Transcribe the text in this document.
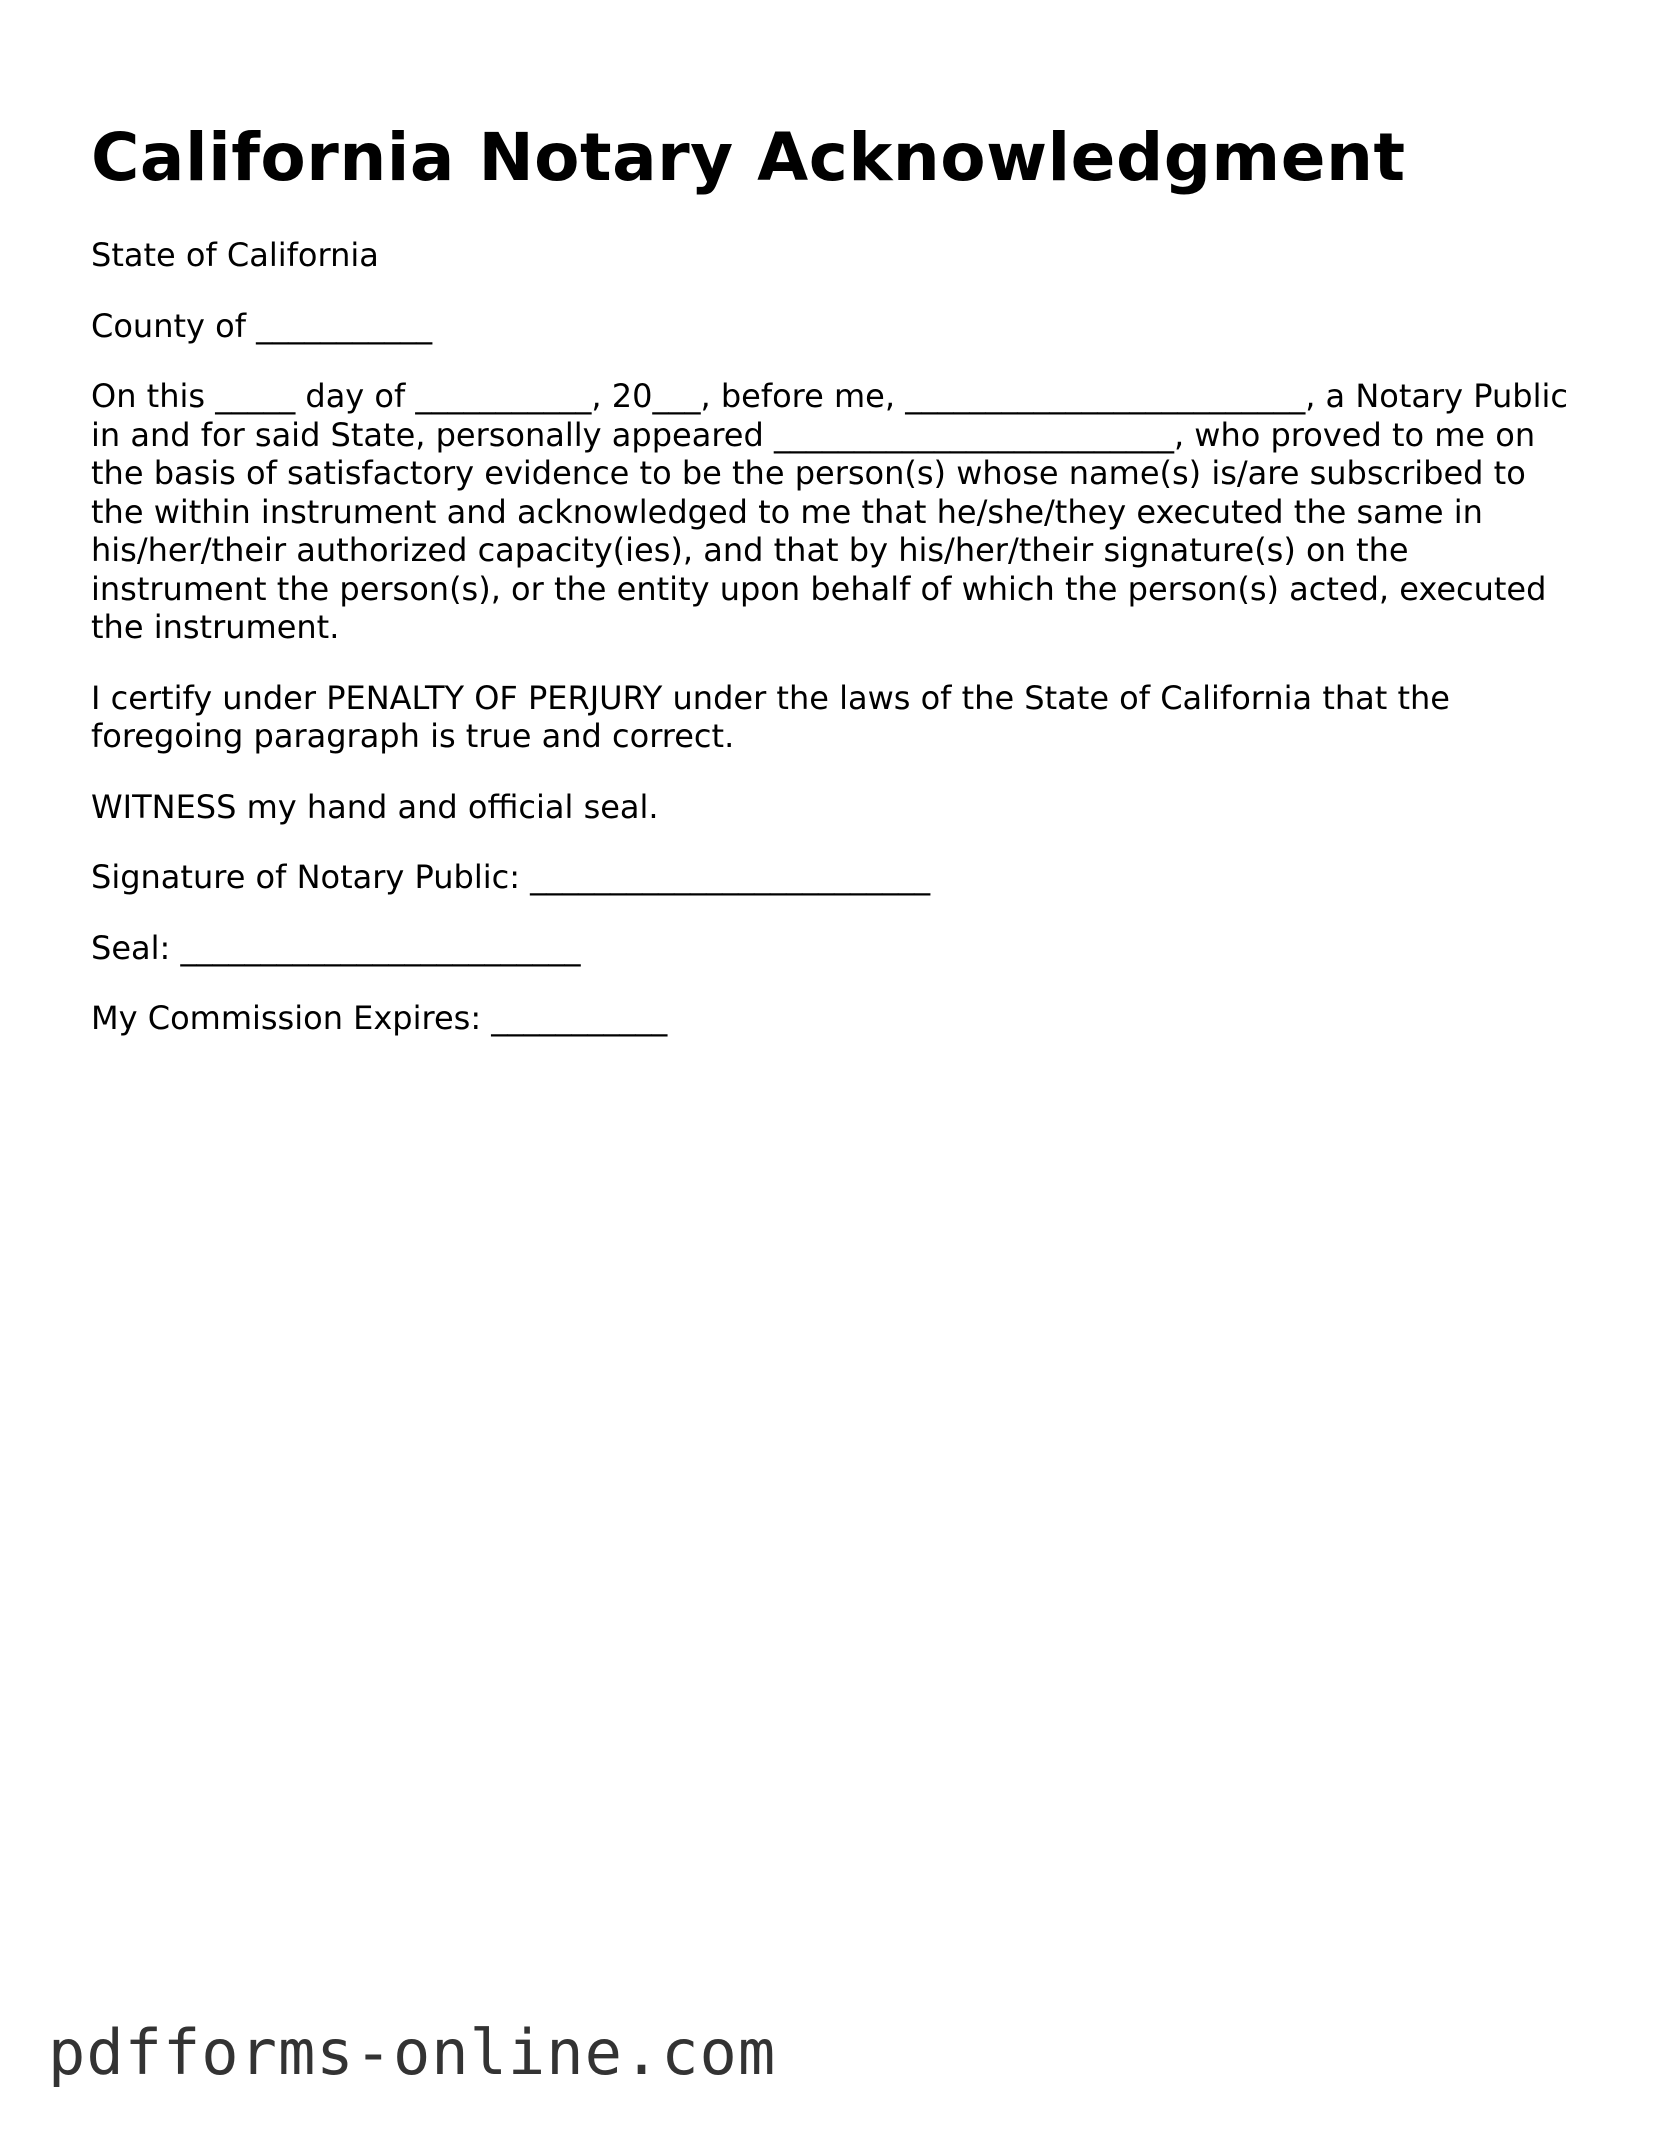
California Notary Acknowledgment

State of California

County of ___________

On this _____ day of ___________, 20___, before me, _________________________, a Notary Public in and for said State, personally appeared _________________________, who proved to me on the basis of satisfactory evidence to be the person(s) whose name(s) is/are subscribed to the within instrument and acknowledged to me that he/she/they executed the same in his/her/their authorized capacity(ies), and that by his/her/their signature(s) on the instrument the person(s), or the entity upon behalf of which the person(s) acted, executed the instrument.

I certify under PENALTY OF PERJURY under the laws of the State of California that the foregoing paragraph is true and correct.

WITNESS my hand and official seal.

Signature of Notary Public: _________________________

Seal: _________________________

My Commission Expires: ___________

pdfforms-online.com
